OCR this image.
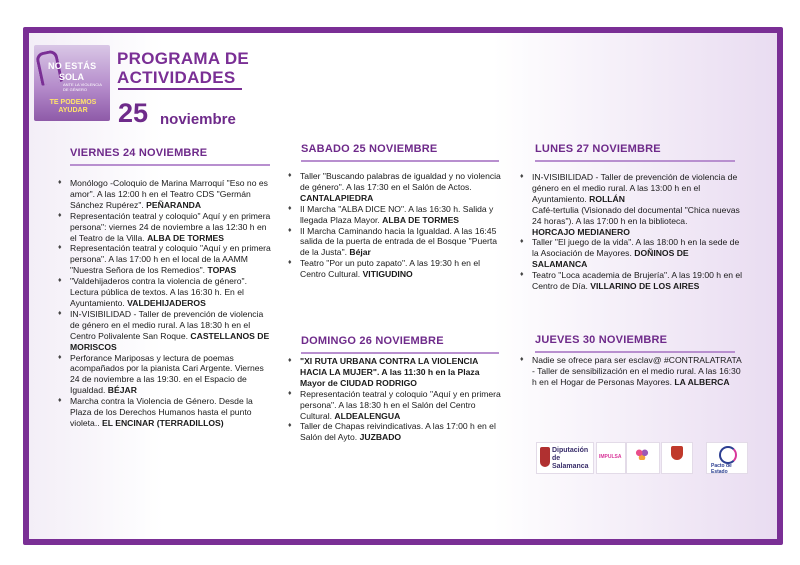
NO ESTÁS
SOLA
ANTE LA VIOLENCIA DE GÉNERO
TE PODEMOS AYUDAR
PROGRAMA DE
ACTIVIDADES
25 noviembre
VIERNES 24 NOVIEMBRE
♦ Monólogo -Coloquio de Marina Marroquí "Eso no es amor". A las 12:00 h en el Teatro CDS "Germán Sánchez Rupérez". PEÑARANDA
♦ Representación teatral y coloquio" Aquí y en primera persona": viernes 24 de noviembre a las 12:30 h en el Teatro de la Villa. ALBA DE TORMES
♦ Representación teatral y coloquio "Aquí y en primera persona". A las 17:00 h en el local de la AAMM "Nuestra Señora de los Remedios". TOPAS
♦ "Valdehijaderos contra la violencia de género". Lectura pública de textos. A las 16:30 h. En el Ayuntamiento. VALDEHIJADEROS
♦ IN-VISIBILIDAD - Taller de prevención de violencia de género en el medio rural. A las 18:30 h en el Centro Polivalente San Roque. CASTELLANOS DE MORISCOS
♦ Perforance Mariposas y lectura de poemas acompañados por la pianista Cari Argente. Viernes 24 de noviembre a las 19:30. en el Espacio de Igualdad. BÉJAR
♦ Marcha contra la Violencia de Género. Desde la Plaza de los Derechos Humanos hasta el punto violeta.. EL ENCINAR (TERRADILLOS)
SABADO 25 NOVIEMBRE
♦ Taller "Buscando palabras de igualdad y no violencia de género". A las 17:30 en el Salón de Actos. CANTALAPIEDRA
♦ II Marcha "ALBA DICE NO". A las 16:30 h. Salida y llegada Plaza Mayor. ALBA DE TORMES
♦ II Marcha Caminando hacia la Igualdad. A las 16:45 salida de la puerta de entrada de el Bosque "Puerta de la Justa". Béjar
♦ Teatro "Por un puto zapato". A las 19:30 h en el Centro Cultural. VITIGUDINO
DOMINGO 26 NOVIEMBRE
♦ "XI RUTA URBANA CONTRA LA VIOLENCIA HACIA LA MUJER". A las 11:30 h en la Plaza Mayor de CIUDAD RODRIGO
♦ Representación teatral y coloquio "Aquí y en primera persona". A las 18:30 h en el Salón del Centro Cultural. ALDEALENGUA
♦ Taller de Chapas reivindicativas. A las 17:00 h en el Salón del Ayto. JUZBADO
LUNES 27 NOVIEMBRE
♦ IN-VISIBILIDAD - Taller de prevención de violencia de género en el medio rural. A las 13:00 h en el Ayuntamiento. ROLLÁN
Café-tertulia (Visionado del documental "Chica nuevas 24 horas"). A las 17:00 h en la biblioteca.
HORCAJO MEDIANERO
♦ Taller "El juego de la vida". A las 18:00 h en la sede de la Asociación de Mayores. DOÑINOS DE SALAMANCA
♦ Teatro "Loca academia de Brujería". A las 19:00 h en el Centro de Día. VILLARINO DE LOS AIRES
JUEVES 30 NOVIEMBRE
♦ Nadie se ofrece para ser esclav@ #CONTRALATRATA - Taller de sensibilización en el medio rural. A las 16:30 h en el Hogar de Personas Mayores. LA ALBERCA
Diputación de Salamanca
IMPULSA
Pacto de Estado
